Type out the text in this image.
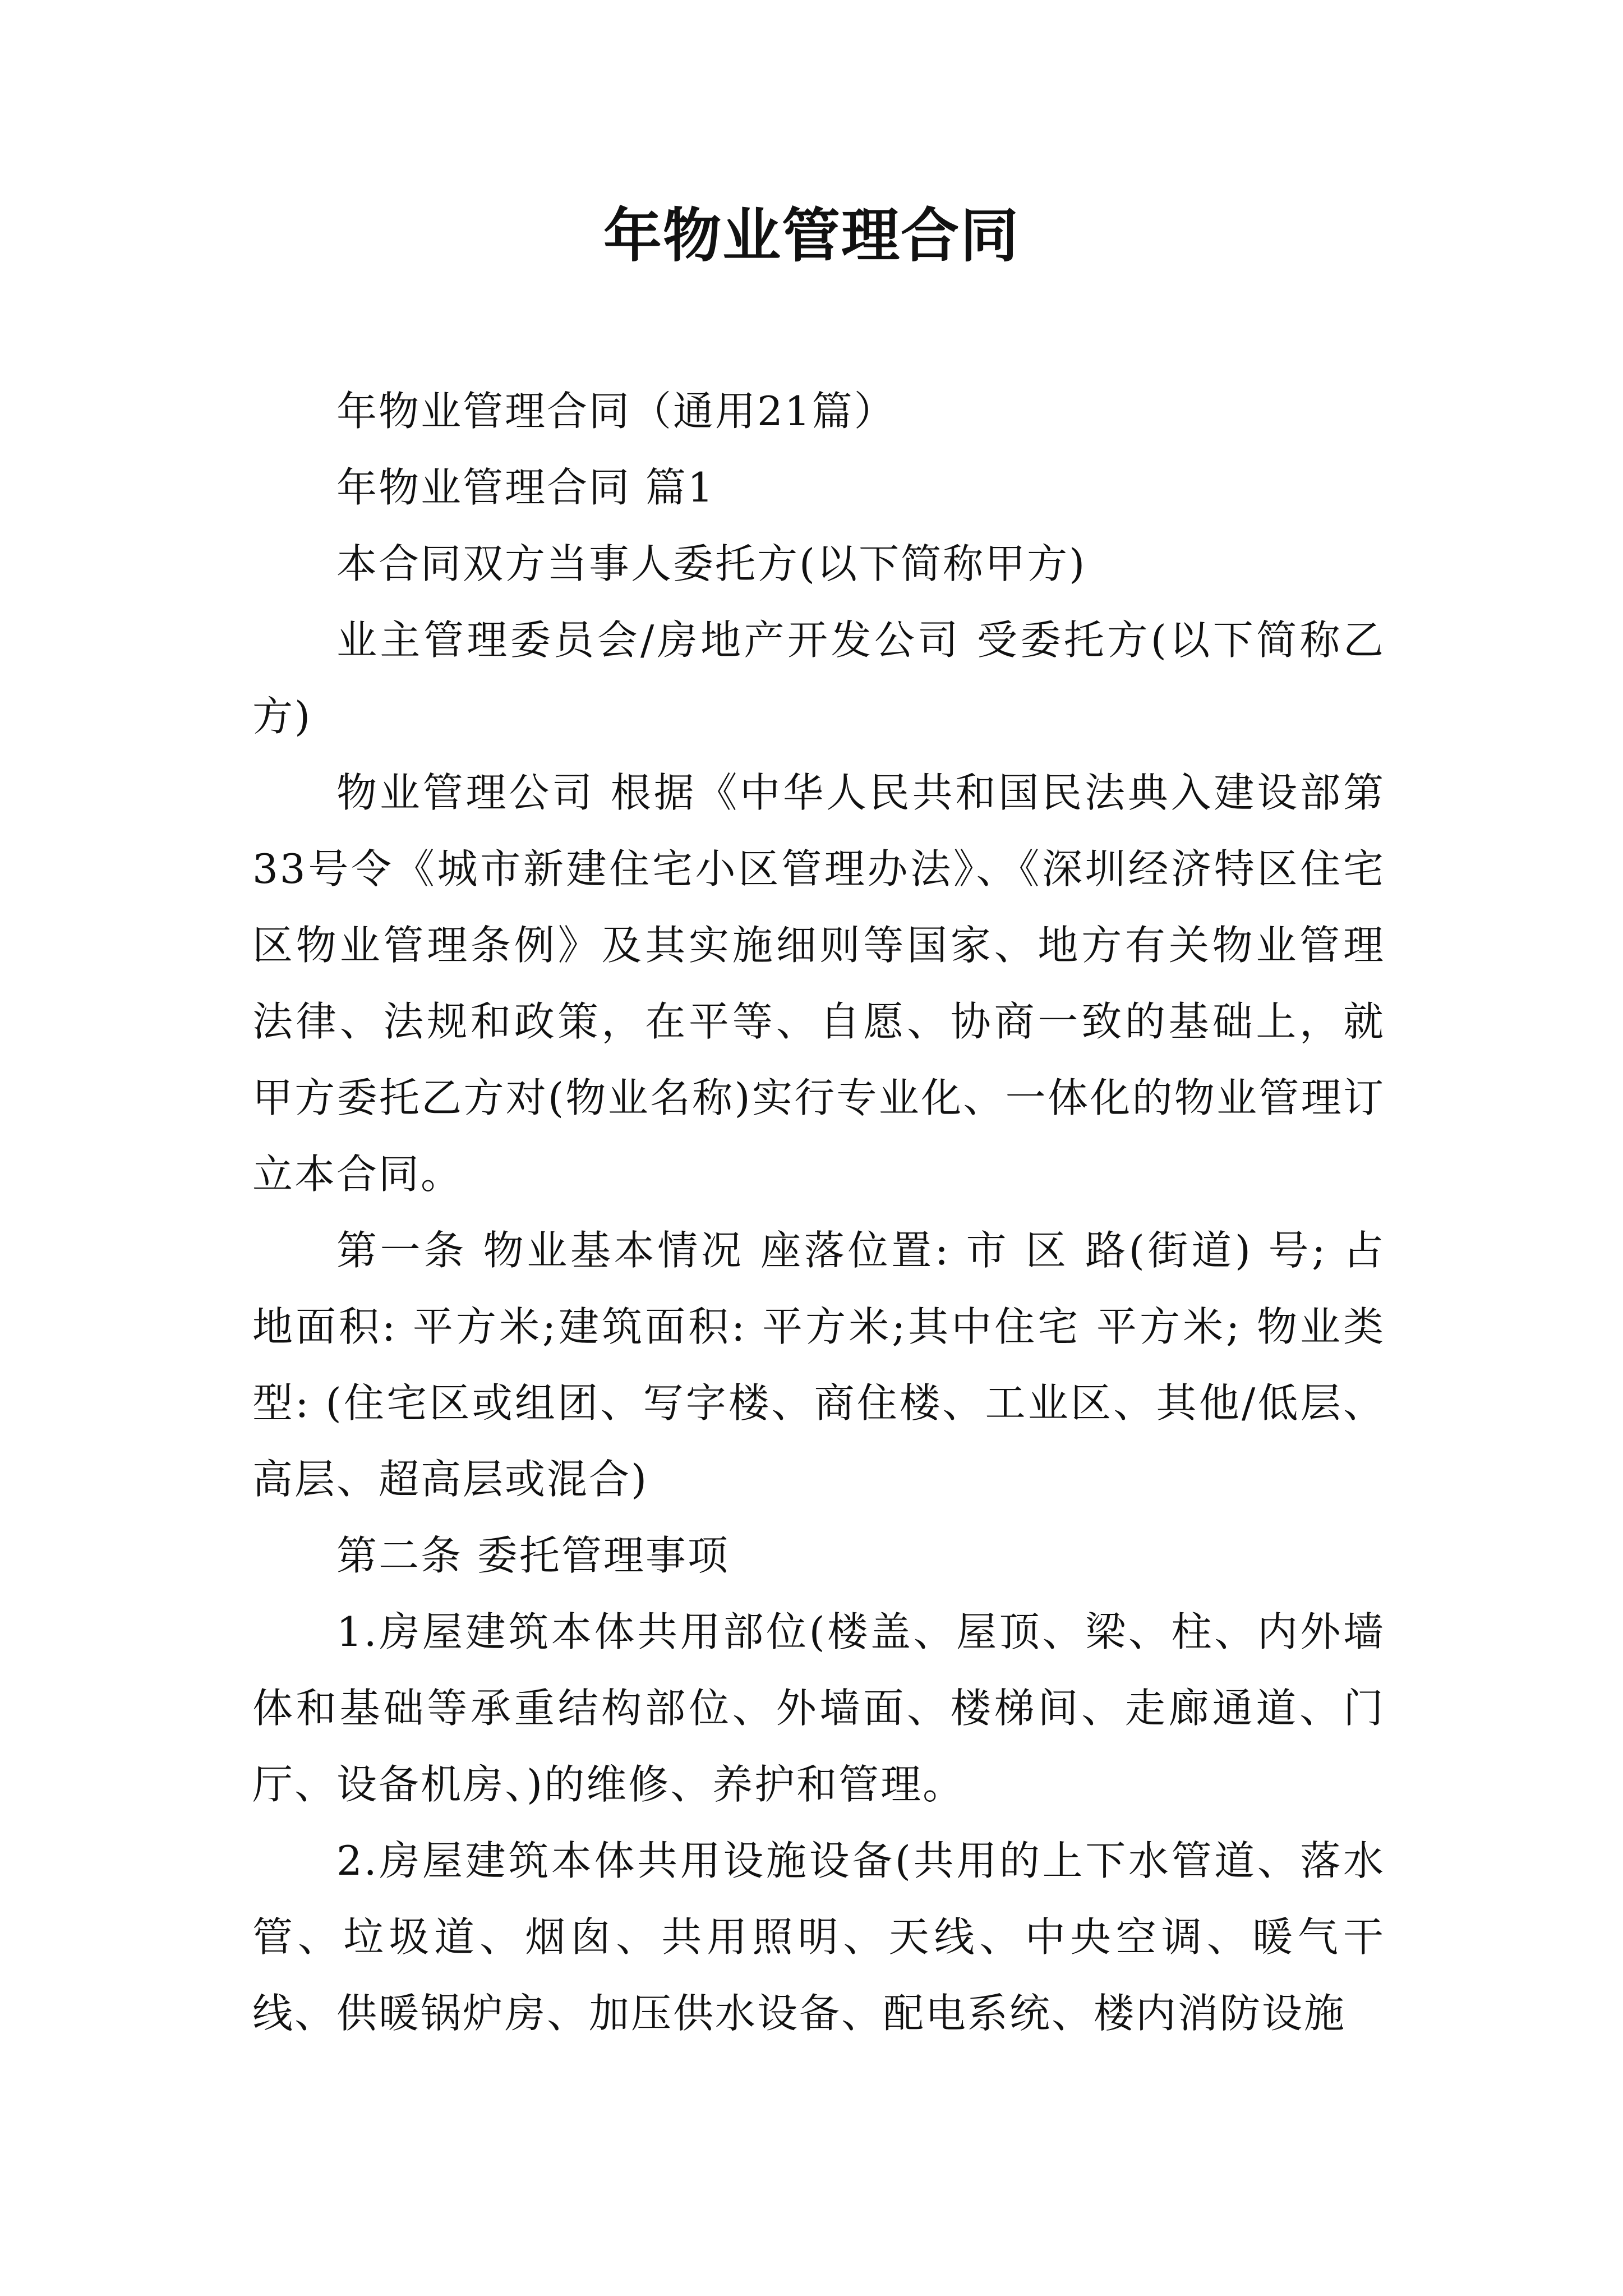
年物业管理合同

年物业管理合同（通用21篇）

年物业管理合同 篇1

本合同双方当事人委托方(以下简称甲方)

业主管理委员会/房地产开发公司 受委托方(以下简称乙方)

物业管理公司 根据《中华人民共和国民法典入建设部第33号令《城市新建住宅小区管理办法》、《深圳经济特区住宅区物业管理条例》及其实施细则等国家、地方有关物业管理法律、法规和政策，在平等、自愿、协商一致的基础上，就甲方委托乙方对(物业名称)实行专业化、一体化的物业管理订立本合同。

第一条 物业基本情况 座落位置: 市 区 路(街道) 号; 占地面积: 平方米;建筑面积: 平方米;其中住宅 平方米; 物业类型: (住宅区或组团、写字楼、商住楼、工业区、其他/低层、高层、超高层或混合)

第二条 委托管理事项

1.房屋建筑本体共用部位(楼盖、屋顶、梁、柱、内外墙体和基础等承重结构部位、外墙面、楼梯间、走廊通道、门厅、设备机房、)的维修、养护和管理。

2.房屋建筑本体共用设施设备(共用的上下水管道、落水管、垃圾道、烟囱、共用照明、天线、中央空调、暖气干线、供暖锅炉房、加压供水设备、配电系统、楼内消防设施
